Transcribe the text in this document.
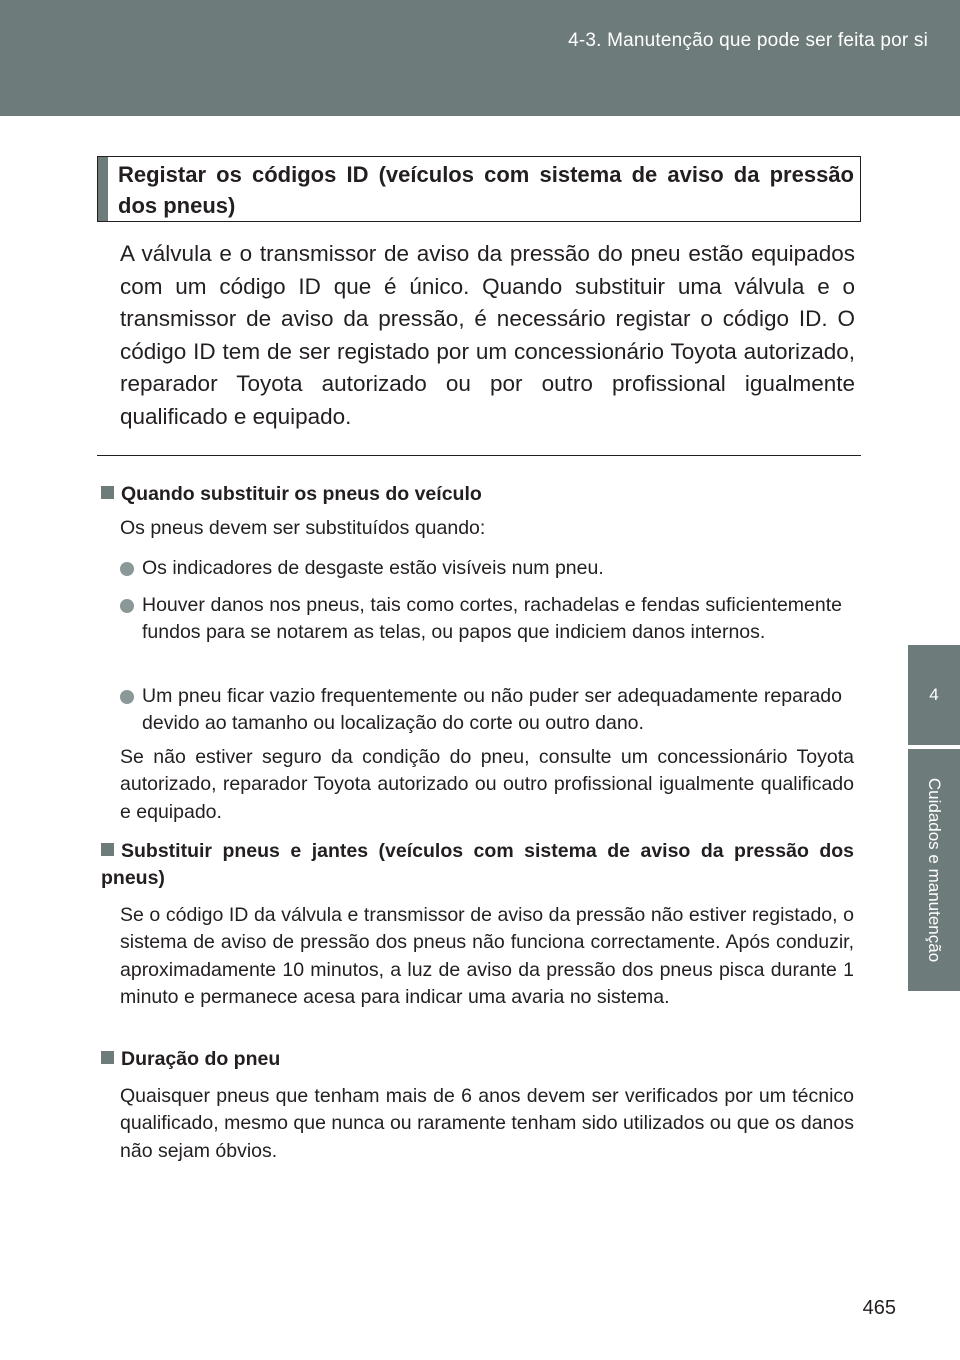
4-3. Manutenção que pode ser feita por si
4
Cuidados e manutenção
Registar os códigos ID (veículos com sistema de aviso da pressão dos pneus)
A válvula e o transmissor de aviso da pressão do pneu estão equipados com um código ID que é único. Quando substituir uma válvula e o transmissor de aviso da pressão, é necessário registar o código ID. O código ID tem de ser registado por um concessionário Toyota autorizado, reparador Toyota autorizado ou por outro profissional igualmente qualificado e equipado.
Quando substituir os pneus do veículo
Os pneus devem ser substituídos quando:
Os indicadores de desgaste estão visíveis num pneu.
Houver danos nos pneus, tais como cortes, rachadelas e fendas suficientemente fundos para se notarem as telas, ou papos que indiciem danos internos.
Um pneu ficar vazio frequentemente ou não puder ser adequadamente reparado devido ao tamanho ou localização do corte ou outro dano.
Se não estiver seguro da condição do pneu, consulte um concessionário Toyota autorizado, reparador Toyota autorizado ou outro profissional igualmente qualificado e equipado.
Substituir pneus e jantes (veículos com sistema de aviso da pressão dos pneus)
Se o código ID da válvula e transmissor de aviso da pressão não estiver registado, o sistema de aviso de pressão dos pneus não funciona correctamente. Após conduzir, aproximadamente 10 minutos, a luz de aviso da pressão dos pneus pisca durante 1 minuto e permanece acesa para indicar uma avaria no sistema.
Duração do pneu
Quaisquer pneus que tenham mais de 6 anos devem ser verificados por um técnico qualificado, mesmo que nunca ou raramente tenham sido utilizados ou que os danos não sejam óbvios.
465
